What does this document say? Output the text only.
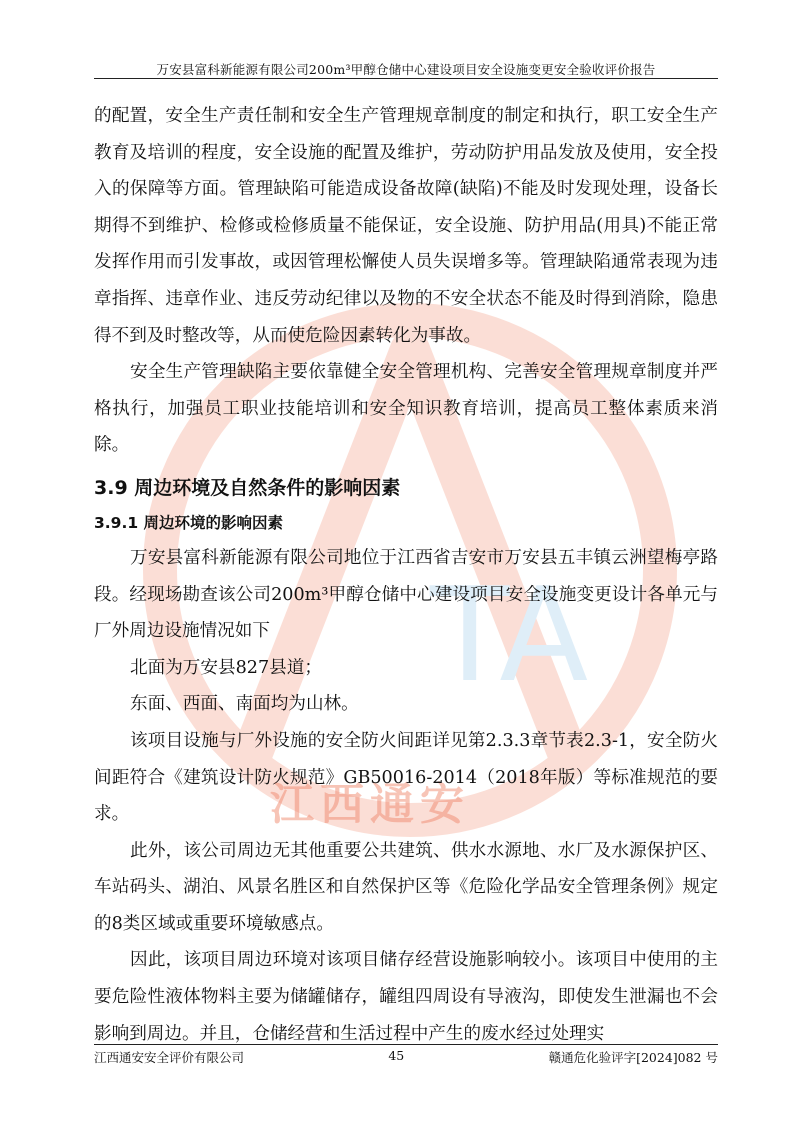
万安县富科新能源有限公司200m³甲醇仓储中心建设项目安全设施变更安全验收评价报告
TA
江西通安

的配置，安全生产责任制和安全生产管理规章制度的制定和执行，职工安全生产教育及培训的程度，安全设施的配置及维护，劳动防护用品发放及使用，安全投入的保障等方面。管理缺陷可能造成设备故障(缺陷)不能及时发现处理，设备长期得不到维护、检修或检修质量不能保证，安全设施、防护用品(用具)不能正常发挥作用而引发事故，或因管理松懈使人员失误增多等。管理缺陷通常表现为违章指挥、违章作业、违反劳动纪律以及物的不安全状态不能及时得到消除，隐患得不到及时整改等，从而使危险因素转化为事故。

安全生产管理缺陷主要依靠健全安全管理机构、完善安全管理规章制度并严格执行，加强员工职业技能培训和安全知识教育培训，提高员工整体素质来消除。

3.9 周边环境及自然条件的影响因素
3.9.1 周边环境的影响因素

万安县富科新能源有限公司地位于江西省吉安市万安县五丰镇云洲望梅亭路段。经现场勘查该公司200m³甲醇仓储中心建设项目安全设施变更设计各单元与厂外周边设施情况如下

北面为万安县827县道；

东面、西面、南面均为山林。

该项目设施与厂外设施的安全防火间距详见第2.3.3章节表2.3-1，安全防火间距符合《建筑设计防火规范》GB50016-2014（2018年版）等标准规范的要求。

此外，该公司周边无其他重要公共建筑、供水水源地、水厂及水源保护区、车站码头、湖泊、风景名胜区和自然保护区等《危险化学品安全管理条例》规定的8类区域或重要环境敏感点。

因此，该项目周边环境对该项目储存经营设施影响较小。该项目中使用的主要危险性液体物料主要为储罐储存，罐组四周设有导液沟，即使发生泄漏也不会影响到周边。并且，仓储经营和生活过程中产生的废水经过处理实

江西通安安全评价有限公司	45	赣通危化验评字[2024]082 号
